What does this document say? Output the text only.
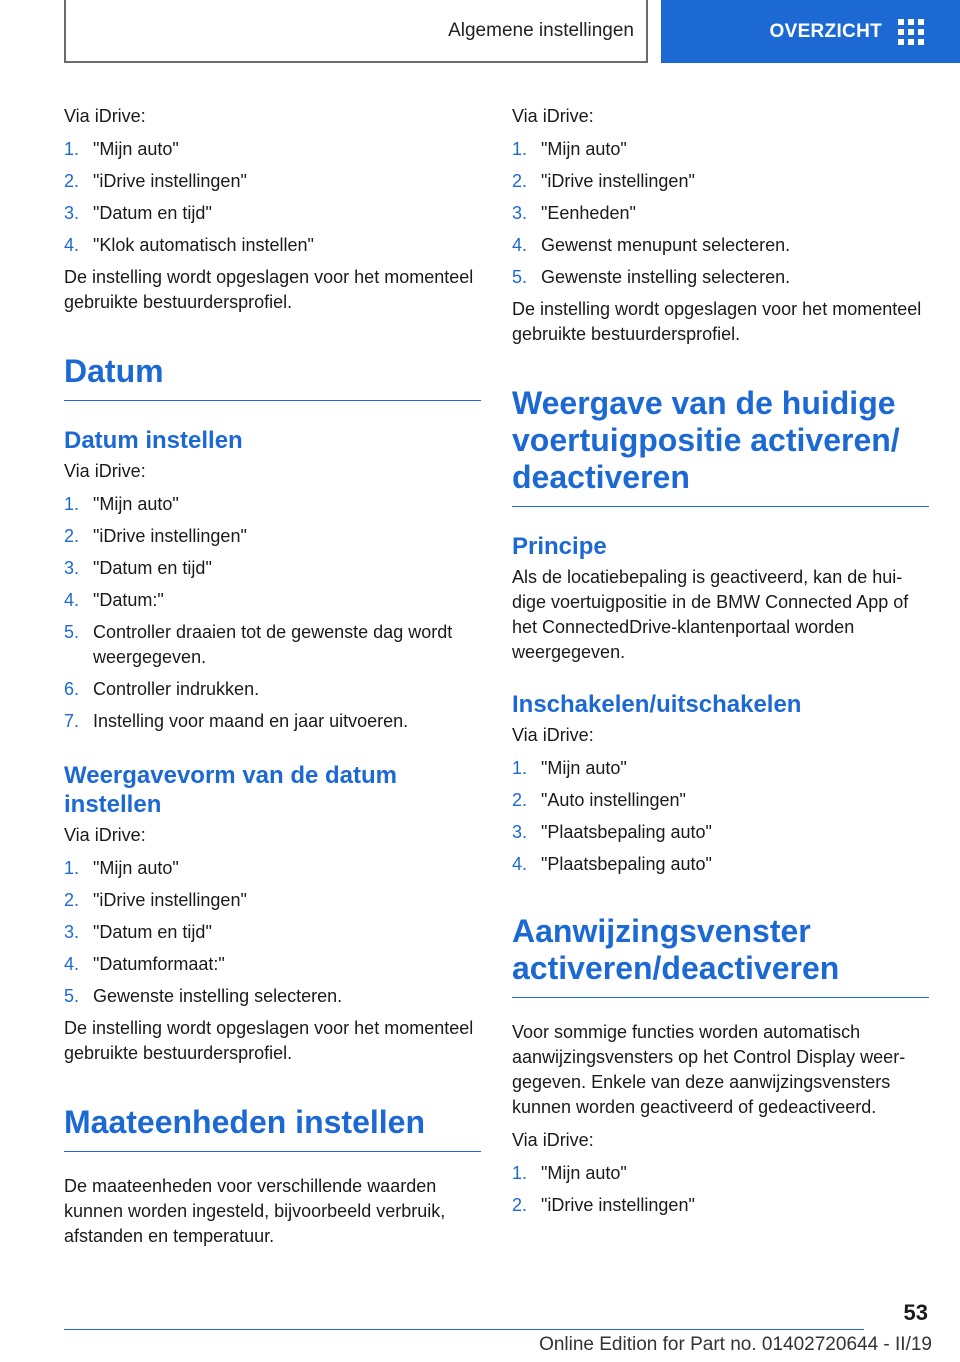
Algemene instellingen	OVERZICHT

Via iDrive:

1. "Mijn auto"
2. "iDrive instellingen"
3. "Datum en tijd"
4. "Klok automatisch instellen"

De instelling wordt opgeslagen voor het momenteel gebruikte bestuurdersprofiel.

Datum
Datum instellen

Via iDrive:

1. "Mijn auto"
2. "iDrive instellingen"
3. "Datum en tijd"
4. "Datum:"
5. Controller draaien tot de gewenste dag wordt weergegeven.
6. Controller indrukken.
7. Instelling voor maand en jaar uitvoeren.
Weergavevorm van de datum instellen

Via iDrive:

1. "Mijn auto"
2. "iDrive instellingen"
3. "Datum en tijd"
4. "Datumformaat:"
5. Gewenste instelling selecteren.

De instelling wordt opgeslagen voor het momenteel gebruikte bestuurdersprofiel.

Maateenheden instellen

De maateenheden voor verschillende waarden kunnen worden ingesteld, bijvoorbeeld verbruik, afstanden en temperatuur.

Via iDrive:

1. "Mijn auto"
2. "iDrive instellingen"
3. "Eenheden"
4. Gewenst menupunt selecteren.
5. Gewenste instelling selecteren.

De instelling wordt opgeslagen voor het momenteel gebruikte bestuurdersprofiel.

Weergave van de huidige voertuigpositie activeren/ deactiveren
Principe

Als de locatiebepaling is geactiveerd, kan de huidige voertuigpositie in de BMW Connected App of het ConnectedDrive-klantenportaal worden weergegeven.

Inschakelen/uitschakelen

Via iDrive:

1. "Mijn auto"
2. "Auto instellingen"
3. "Plaatsbepaling auto"
4. "Plaatsbepaling auto"
Aanwijzingsvenster activeren/deactiveren

Voor sommige functies worden automatisch aanwijzingsvensters op het Control Display weergegeven. Enkele van deze aanwijzingsvensters kunnen worden geactiveerd of gedeactiveerd.

Via iDrive:

1. "Mijn auto"
2. "iDrive instellingen"
53
Online Edition for Part no. 01402720644 - II/19
